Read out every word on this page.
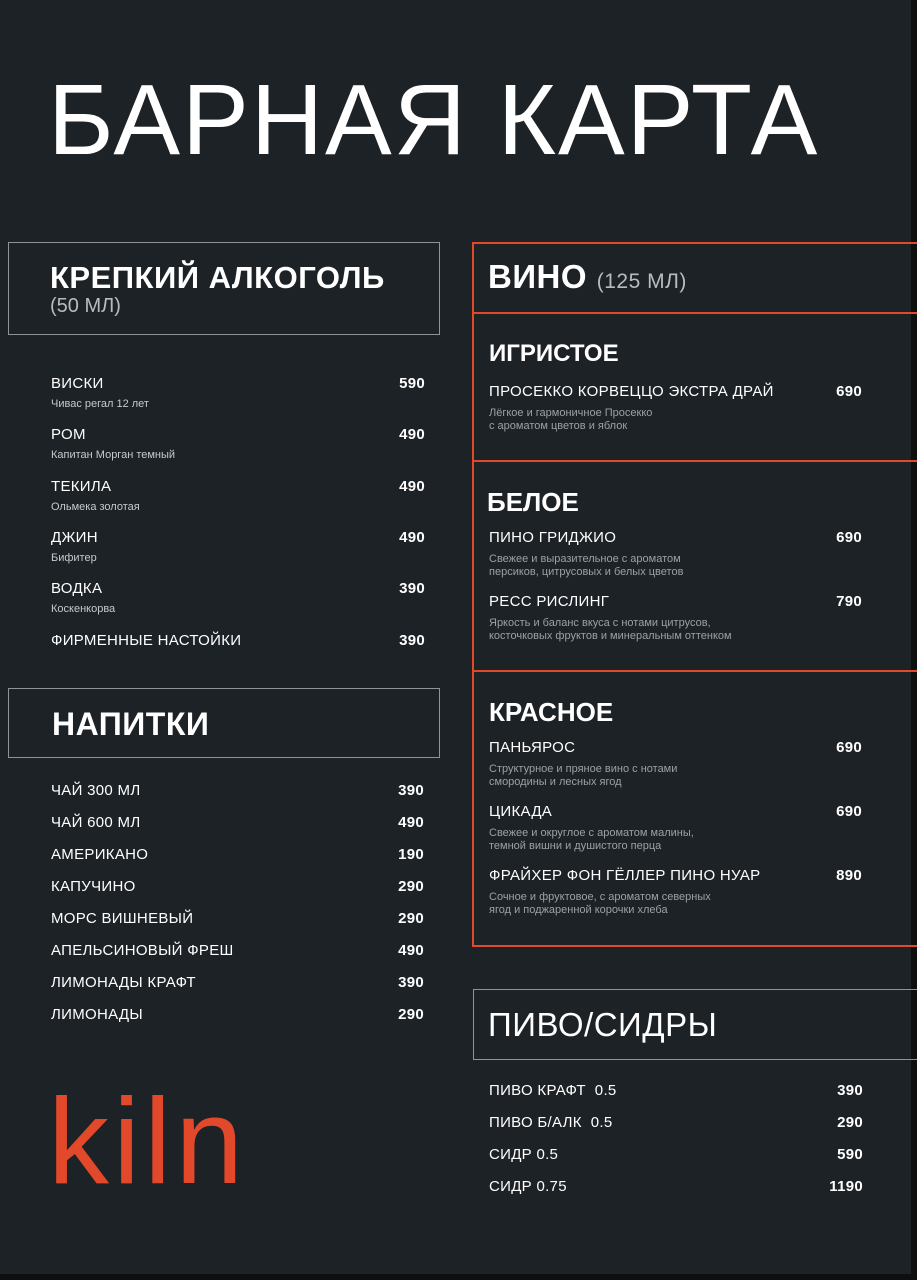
БАРНАЯ КАРТА
КРЕПКИЙ АЛКОГОЛЬ
(50 МЛ)
ВИСКИ	590
Чивас регал 12 лет
РОМ	490
Капитан Морган темный
ТЕКИЛА	490
Ольмека золотая
ДЖИН	490
Бифитер
ВОДКА	390
Коскенкорва
ФИРМЕННЫЕ НАСТОЙКИ	390
НАПИТКИ
ЧАЙ 300 МЛ	390
ЧАЙ 600 МЛ	490
АМЕРИКАНО	190
КАПУЧИНО	290
МОРС ВИШНЕВЫЙ	290
АПЕЛЬСИНОВЫЙ ФРЕШ	490
ЛИМОНАДЫ КРАФТ	390
ЛИМОНАДЫ	290
ВИНО (125 МЛ)
ИГРИСТОЕ
ПРОСЕККО КОРВЕЦЦО ЭКСТРА ДРАЙ	690
Лёгкое и гармоничное Просекко
с ароматом цветов и яблок
БЕЛОЕ
ПИНО ГРИДЖИО	690
Свежее и выразительное с ароматом
персиков, цитрусовых и белых цветов
РЕСС РИСЛИНГ	790
Яркость и баланс вкуса с нотами цитрусов,
косточковых фруктов и минеральным оттенком
КРАСНОЕ
ПАНЬЯРОС	690
Структурное и пряное вино с нотами
смородины и лесных ягод
ЦИКАДА	690
Свежее и округлое с ароматом малины,
темной вишни и душистого перца
ФРАЙХЕР ФОН ГЁЛЛЕР ПИНО НУАР	890
Сочное и фруктовое, с ароматом северных
ягод и поджаренной корочки хлеба
ПИВО/СИДРЫ
ПИВО КРАФТ  0.5	390
ПИВО Б/АЛК  0.5	290
СИДР 0.5	590
СИДР 0.75	1190
kiln
